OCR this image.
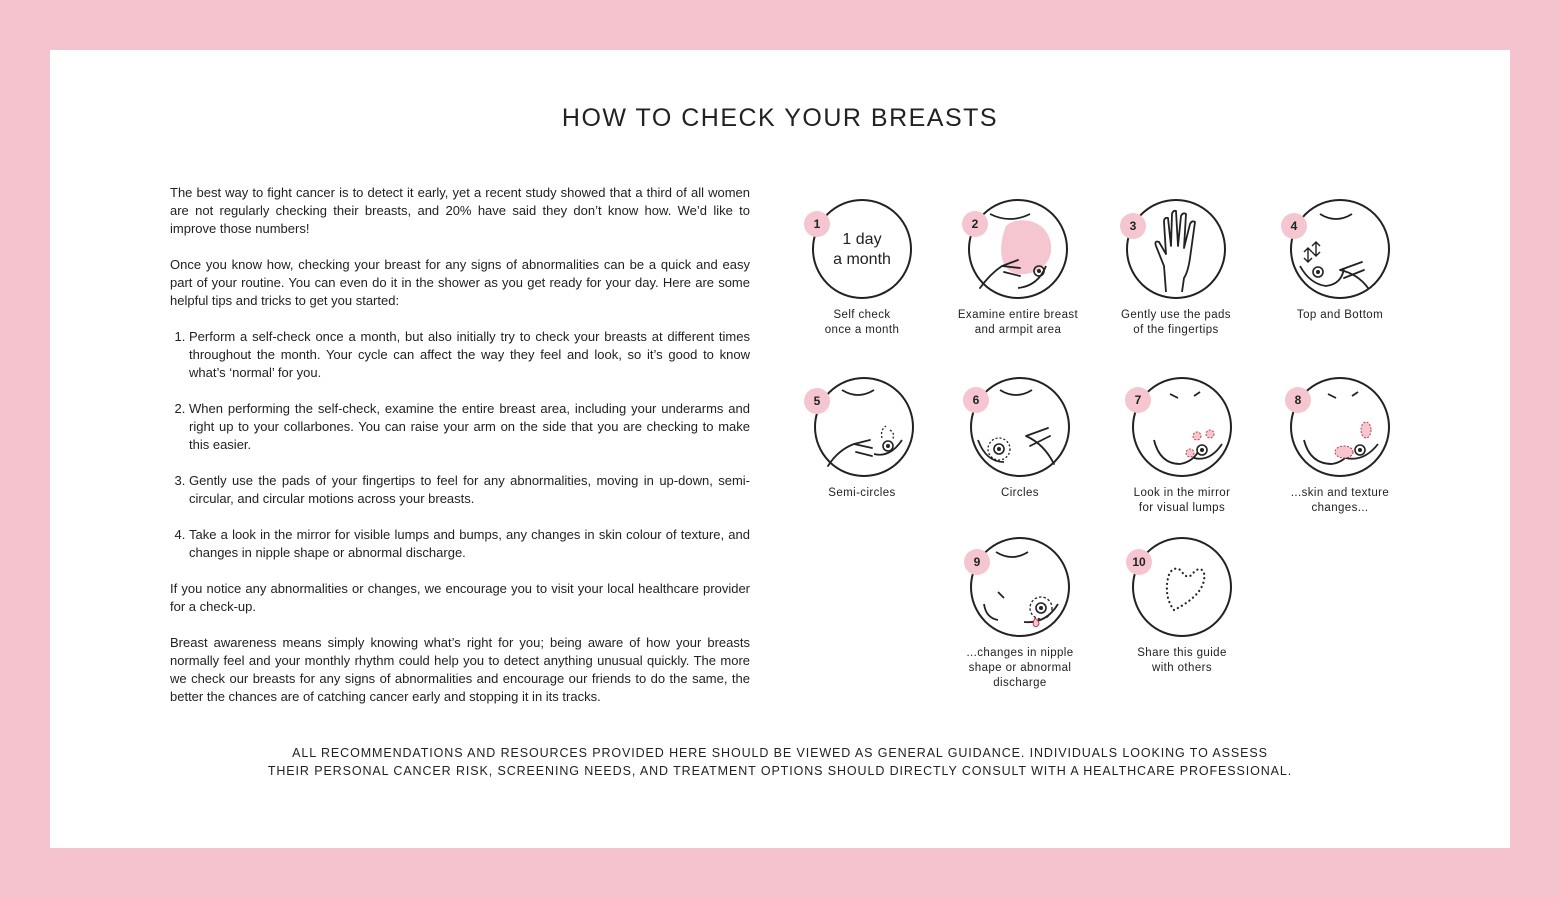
HOW TO CHECK YOUR BREASTS

The best way to fight cancer is to detect it early, yet a recent study showed that a third of all women are not regularly checking their breasts, and 20% have said they don’t know how. We’d like to improve those numbers!

Once you know how, checking your breast for any signs of abnormalities can be a quick and easy part of your routine. You can even do it in the shower as you get ready for your day. Here are some helpful tips and tricks to get you started:

1. Perform a self-check once a month, but also initially try to check your breasts at different times throughout the month. Your cycle can affect the way they feel and look, so it’s good to know what’s ‘normal’ for you.
2. When performing the self-check, examine the entire breast area, including your underarms and right up to your collarbones. You can raise your arm on the side that you are checking to make this easier.
3. Gently use the pads of your fingertips to feel for any abnormalities, moving in up-down, semi-circular, and circular motions across your breasts.
4. Take a look in the mirror for visible lumps and bumps, any changes in skin colour of texture, and changes in nipple shape or abnormal discharge.

If you notice any abnormalities or changes, we encourage you to visit your local healthcare provider for a check-up.

Breast awareness means simply knowing what’s right for you; being aware of how your breasts normally feel and your monthly rhythm could help you to detect anything unusual quickly. The more we check our breasts for any signs of abnormalities and encourage our friends to do the same, the better the chances are of catching cancer early and stopping it in its tracks.

1 day
a month
1
Self check
once a month
2
Examine entire breast
and armpit area
3
Gently use the pads
of the fingertips
4
Top and Bottom
5
Semi-circles
6
Circles
7
Look in the mirror
for visual lumps
8
...skin and texture
changes...
9
...changes in nipple
shape or abnormal
discharge
10
Share this guide
with others
ALL RECOMMENDATIONS AND RESOURCES PROVIDED HERE SHOULD BE VIEWED AS GENERAL GUIDANCE. INDIVIDUALS LOOKING TO ASSESS
THEIR PERSONAL CANCER RISK, SCREENING NEEDS, AND TREATMENT OPTIONS SHOULD DIRECTLY CONSULT WITH A HEALTHCARE PROFESSIONAL.
